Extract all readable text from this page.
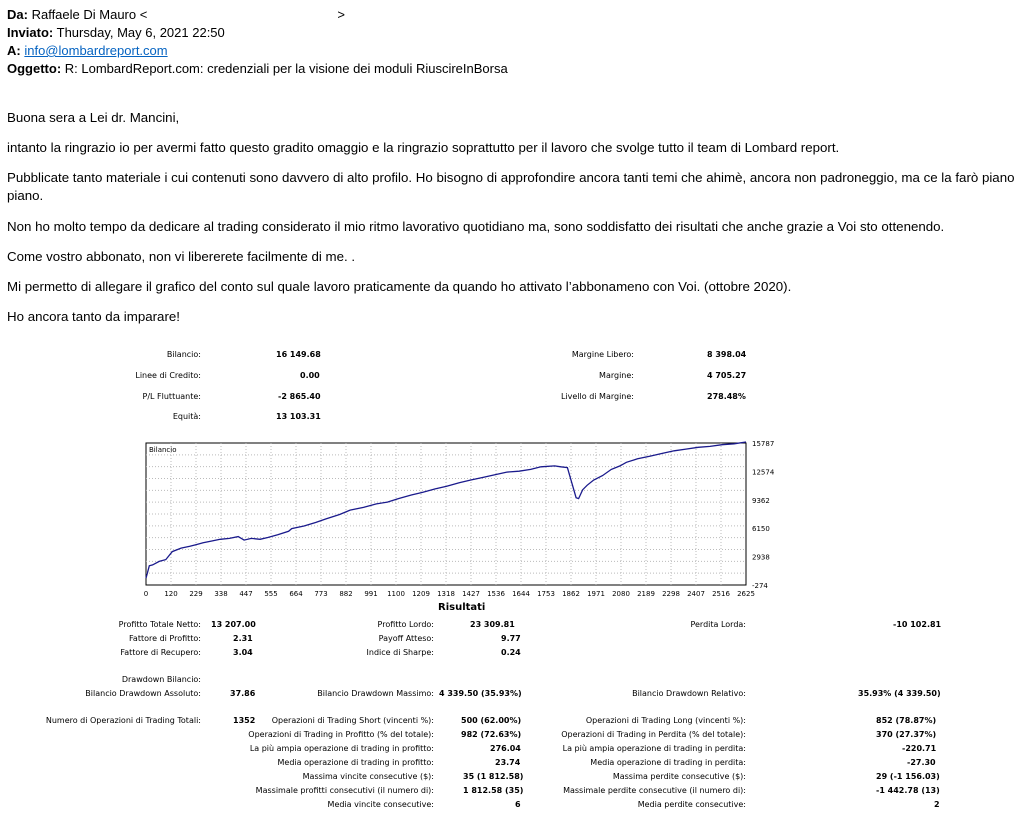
Da: Raffaele Di Mauro <	>
Inviato: Thursday, May 6, 2021 22:50
A: info@lombardreport.com
Oggetto: R: LombardReport.com: credenziali per la visione dei moduli RiuscireInBorsa
Buona sera a Lei dr. Mancini,
intanto la ringrazio io per avermi fatto questo gradito omaggio e la ringrazio soprattutto per il lavoro che svolge tutto il team di Lombard report.
Pubblicate tanto materiale i cui contenuti sono davvero di alto profilo. Ho bisogno di approfondire ancora tanti temi che ahimè, ancora non padroneggio, ma ce la farò piano piano.
Non ho molto tempo da dedicare al trading considerato il mio ritmo lavorativo quotidiano ma, sono soddisfatto dei risultati che anche grazie a Voi sto ottenendo.
Come vostro abbonato, non vi libererete facilmente di me. .
Mi permetto di allegare il grafico del conto sul quale lavoro praticamente da quando ho attivato l’abbonameno con Voi. (ottobre 2020).
Ho ancora tanto da imparare!
Bilancio:	16 149.68
Linee di Credito:	0.00
P/L Fluttuante:	-2 865.40
Equità:	13 103.31
Margine Libero:	8 398.04
Margine:	4 705.27
Livello di Margine:	278.48%
Bilancio
15787
12574
9362
6150
2938
-274
0 120 229 338 447 555 664 773 882 991 1100 1209 1318 1427 1536 1644 1753 1862 1971 2080 2189 2298 2407 2516 2625
Risultati
Profitto Totale Netto: 13 207.00	Profitto Lordo:	23 309.81	Perdita Lorda:	-10 102.81
Fattore di Profitto:	2.31	Payoff Atteso:	9.77
Fattore di Recupero:	3.04	Indice di Sharpe:	0.24
Drawdown Bilancio:
Bilancio Drawdown Assoluto:	37.86	Bilancio Drawdown Massimo: 4 339.50 (35.93%)	Bilancio Drawdown Relativo:	35.93% (4 339.50)
Numero di Operazioni di Trading Totali:	1352 Operazioni di Trading Short (vincenti %):	500 (62.00%)	Operazioni di Trading Long (vincenti %):	852 (78.87%)
Operazioni di Trading in Profitto (% del totale):	982 (72.63%)	Operazioni di Trading in Perdita (% del totale):	370 (27.37%)
La più ampia operazione di trading in profitto:	276.04	La più ampia operazione di trading in perdita:	-220.71
Media operazione di trading in profitto:	23.74	Media operazione di trading in perdita:	-27.30
Massima vincite consecutive ($):	35 (1 812.58)	Massima perdite consecutive ($):	29 (-1 156.03)
Massimale profitti consecutivi (il numero di):	1 812.58 (35)	Massimale perdite consecutive (il numero di):	-1 442.78 (13)
Media vincite consecutive:	6	Media perdite consecutive:	2
